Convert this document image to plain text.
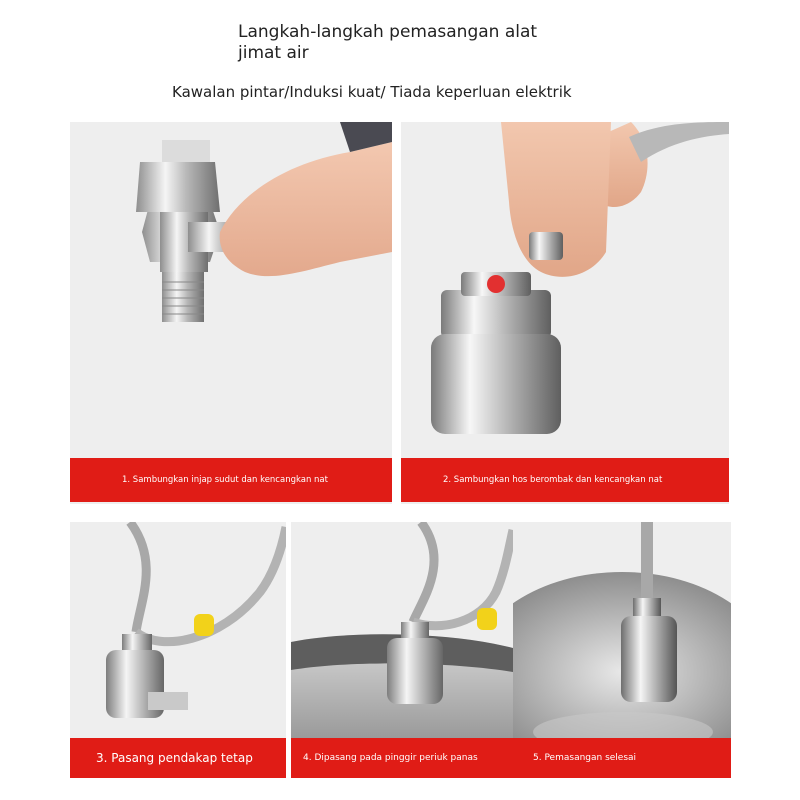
Langkah-langkah pemasangan alat jimat air
Kawalan pintar/Induksi kuat/ Tiada keperluan elektrik
1. Sambungkan injap sudut dan kencangkan nat	2. Sambungkan hos berombak dan kencangkan nat
3. Pasang pendakap tetap	4. Dipasang pada pinggir periuk panas	5. Pemasangan selesai
